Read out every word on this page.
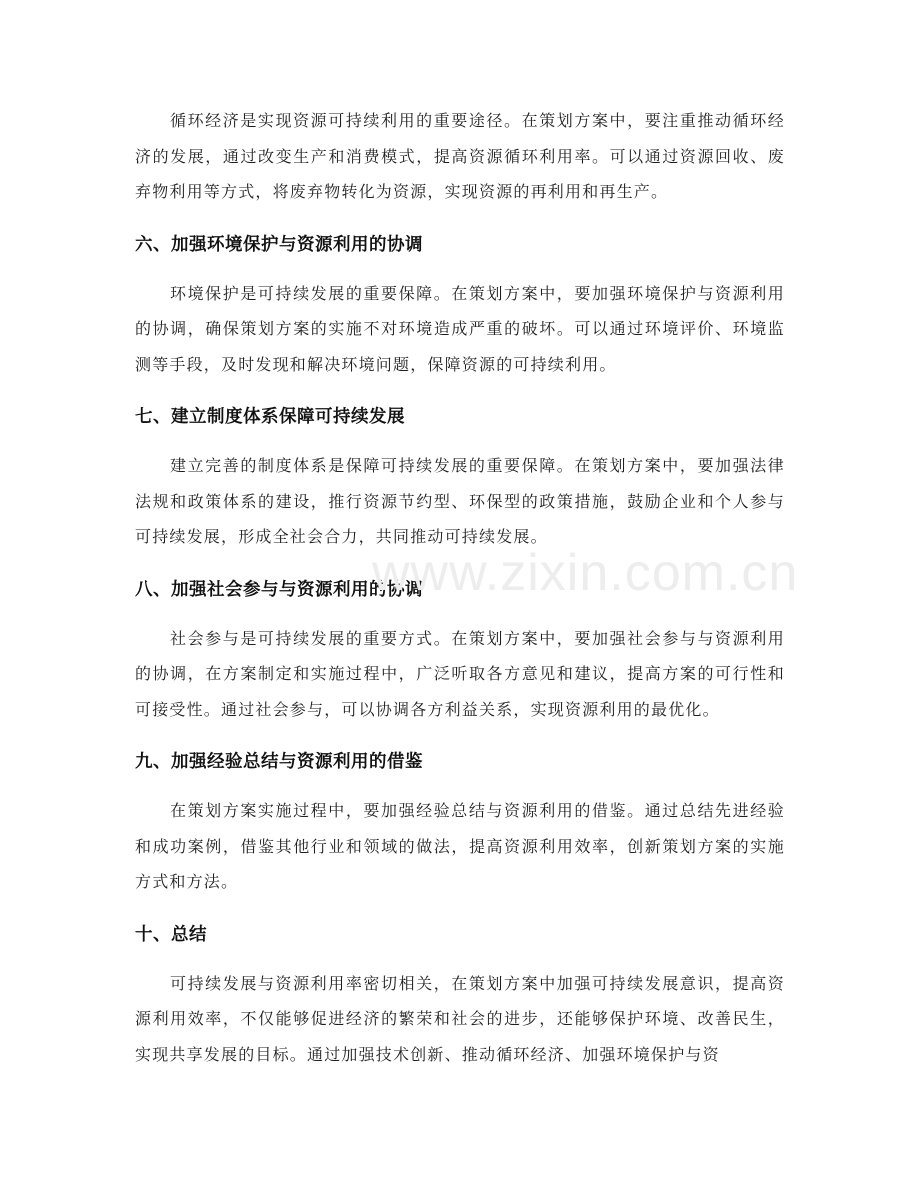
循环经济是实现资源可持续利用的重要途径。在策划方案中，要注重推动循环经济的发展，通过改变生产和消费模式，提高资源循环利用率。可以通过资源回收、废弃物利用等方式，将废弃物转化为资源，实现资源的再利用和再生产。

六、加强环境保护与资源利用的协调

环境保护是可持续发展的重要保障。在策划方案中，要加强环境保护与资源利用的协调，确保策划方案的实施不对环境造成严重的破坏。可以通过环境评价、环境监测等手段，及时发现和解决环境问题，保障资源的可持续利用。

七、建立制度体系保障可持续发展

建立完善的制度体系是保障可持续发展的重要保障。在策划方案中，要加强法律法规和政策体系的建设，推行资源节约型、环保型的政策措施，鼓励企业和个人参与可持续发展，形成全社会合力，共同推动可持续发展。

八、加强社会参与与资源利用的协调

社会参与是可持续发展的重要方式。在策划方案中，要加强社会参与与资源利用的协调，在方案制定和实施过程中，广泛听取各方意见和建议，提高方案的可行性和可接受性。通过社会参与，可以协调各方利益关系，实现资源利用的最优化。

九、加强经验总结与资源利用的借鉴

在策划方案实施过程中，要加强经验总结与资源利用的借鉴。通过总结先进经验和成功案例，借鉴其他行业和领域的做法，提高资源利用效率，创新策划方案的实施方式和方法。

十、总结

可持续发展与资源利用率密切相关，在策划方案中加强可持续发展意识，提高资源利用效率，不仅能够促进经济的繁荣和社会的进步，还能够保护环境、改善民生，实现共享发展的目标。通过加强技术创新、推动循环经济、加强环境保护与资

www.zixin.com.cn
